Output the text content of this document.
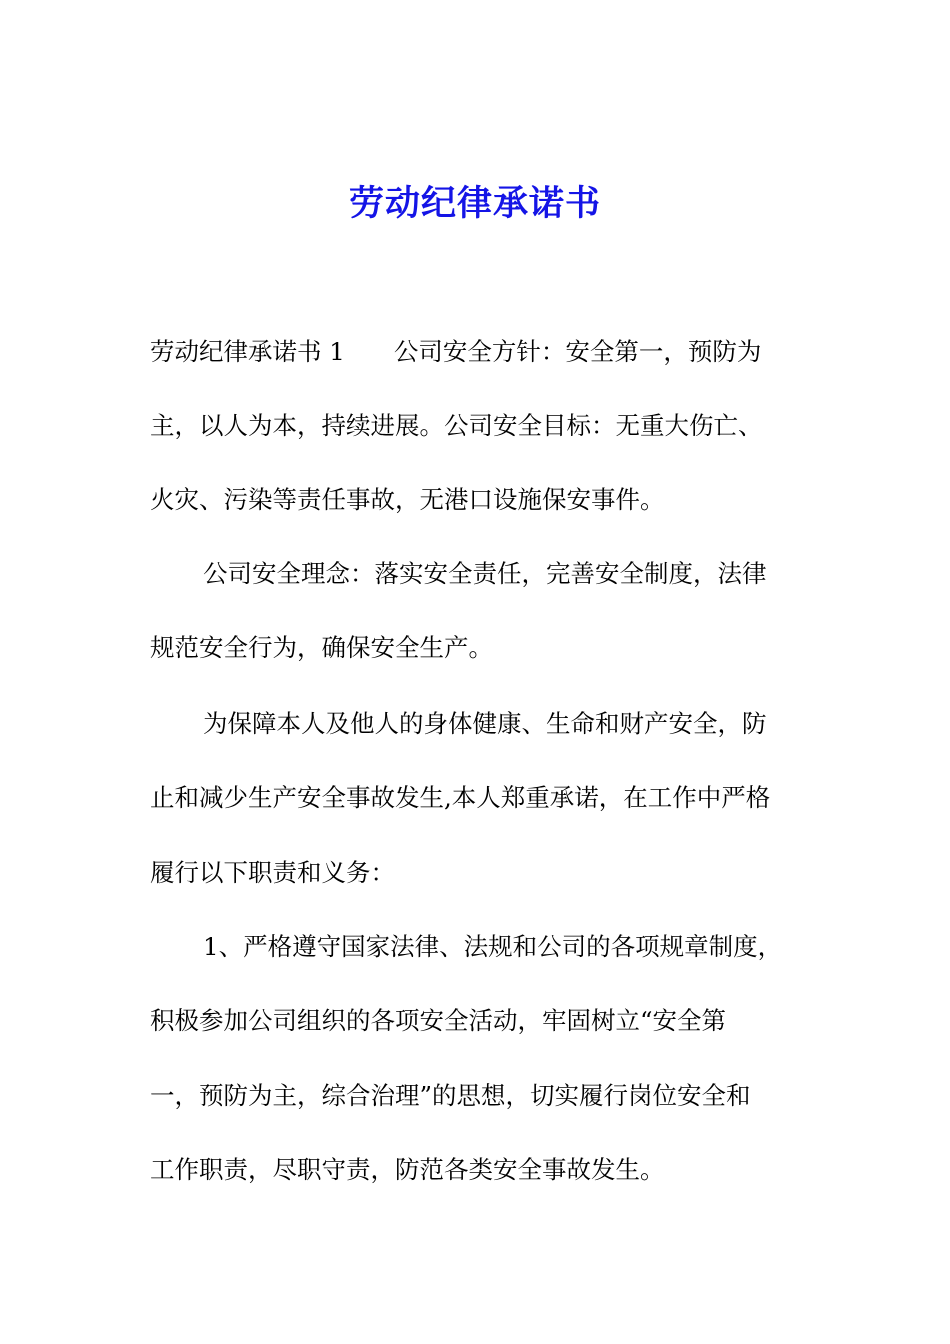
劳动纪律承诺书
劳动纪律承诺书 1　　公司安全方针：安全第一，预防为
主，以人为本，持续进展。公司安全目标：无重大伤亡、
火灾、污染等责任事故，无港口设施保安事件。
公司安全理念：落实安全责任，完善安全制度，法律
规范安全行为，确保安全生产。
为保障本人及他人的身体健康、生命和财产安全，防
止和减少生产安全事故发生,本人郑重承诺，在工作中严格
履行以下职责和义务：
1、严格遵守国家法律、法规和公司的各项规章制度，
积极参加公司组织的各项安全活动，牢固树立“安全第
一，预防为主，综合治理”的思想，切实履行岗位安全和
工作职责，尽职守责，防范各类安全事故发生。
